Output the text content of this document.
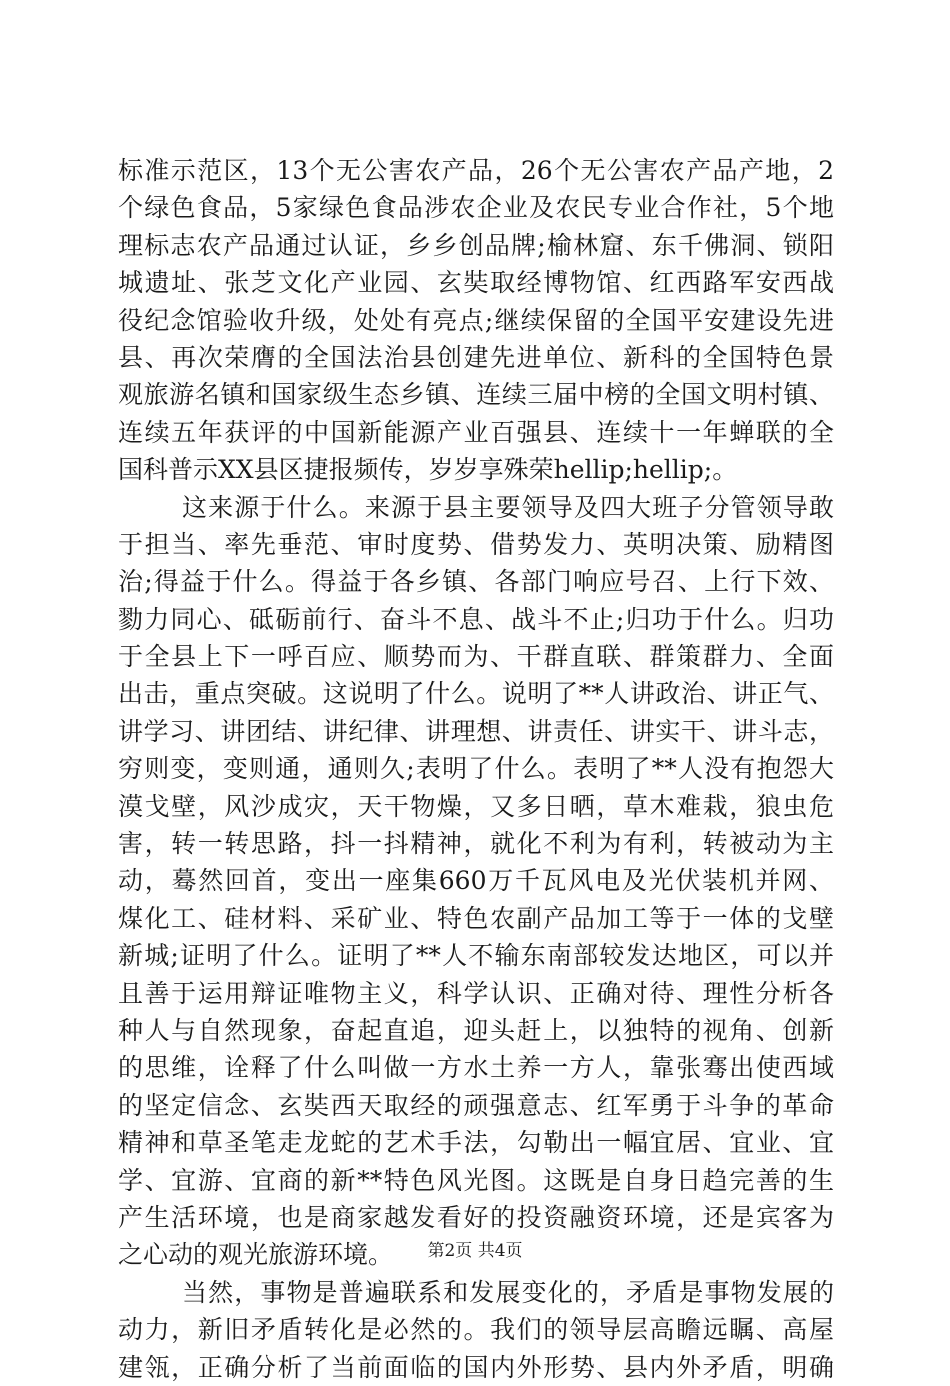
标准示范区，13个无公害农产品，26个无公害农产品产地，2
个绿色食品，5家绿色食品涉农企业及农民专业合作社，5个地
理标志农产品通过认证，乡乡创品牌;榆林窟、东千佛洞、锁阳
城遗址、张芝文化产业园、玄奘取经博物馆、红西路军安西战
役纪念馆验收升级，处处有亮点;继续保留的全国平安建设先进
县、再次荣膺的全国法治县创建先进单位、新科的全国特色景
观旅游名镇和国家级生态乡镇、连续三届中榜的全国文明村镇、
连续五年获评的中国新能源产业百强县、连续十一年蝉联的全
国科普示XX县区捷报频传，岁岁享殊荣hellip;hellip;。
这来源于什么。来源于县主要领导及四大班子分管领导敢
于担当、率先垂范、审时度势、借势发力、英明决策、励精图
治;得益于什么。得益于各乡镇、各部门响应号召、上行下效、
勠力同心、砥砺前行、奋斗不息、战斗不止;归功于什么。归功
于全县上下一呼百应、顺势而为、干群直联、群策群力、全面
出击，重点突破。这说明了什么。说明了**人讲政治、讲正气、
讲学习、讲团结、讲纪律、讲理想、讲责任、讲实干、讲斗志，
穷则变，变则通，通则久;表明了什么。表明了**人没有抱怨大
漠戈壁，风沙成灾，天干物燥，又多日晒，草木难栽，狼虫危
害，转一转思路，抖一抖精神，就化不利为有利，转被动为主
动，蓦然回首，变出一座集660万千瓦风电及光伏装机并网、
煤化工、硅材料、采矿业、特色农副产品加工等于一体的戈壁
新城;证明了什么。证明了**人不输东南部较发达地区，可以并
且善于运用辩证唯物主义，科学认识、正确对待、理性分析各
种人与自然现象，奋起直追，迎头赶上，以独特的视角、创新
的思维，诠释了什么叫做一方水土养一方人，靠张骞出使西域
的坚定信念、玄奘西天取经的顽强意志、红军勇于斗争的革命
精神和草圣笔走龙蛇的艺术手法，勾勒出一幅宜居、宜业、宜
学、宜游、宜商的新**特色风光图。这既是自身日趋完善的生
产生活环境，也是商家越发看好的投资融资环境，还是宾客为
之心动的观光旅游环境。
当然，事物是普遍联系和发展变化的，矛盾是事物发展的
动力，新旧矛盾转化是必然的。我们的领导层高瞻远瞩、高屋
建瓴，正确分析了当前面临的国内外形势、县内外矛盾，明确
第2页 共4页
